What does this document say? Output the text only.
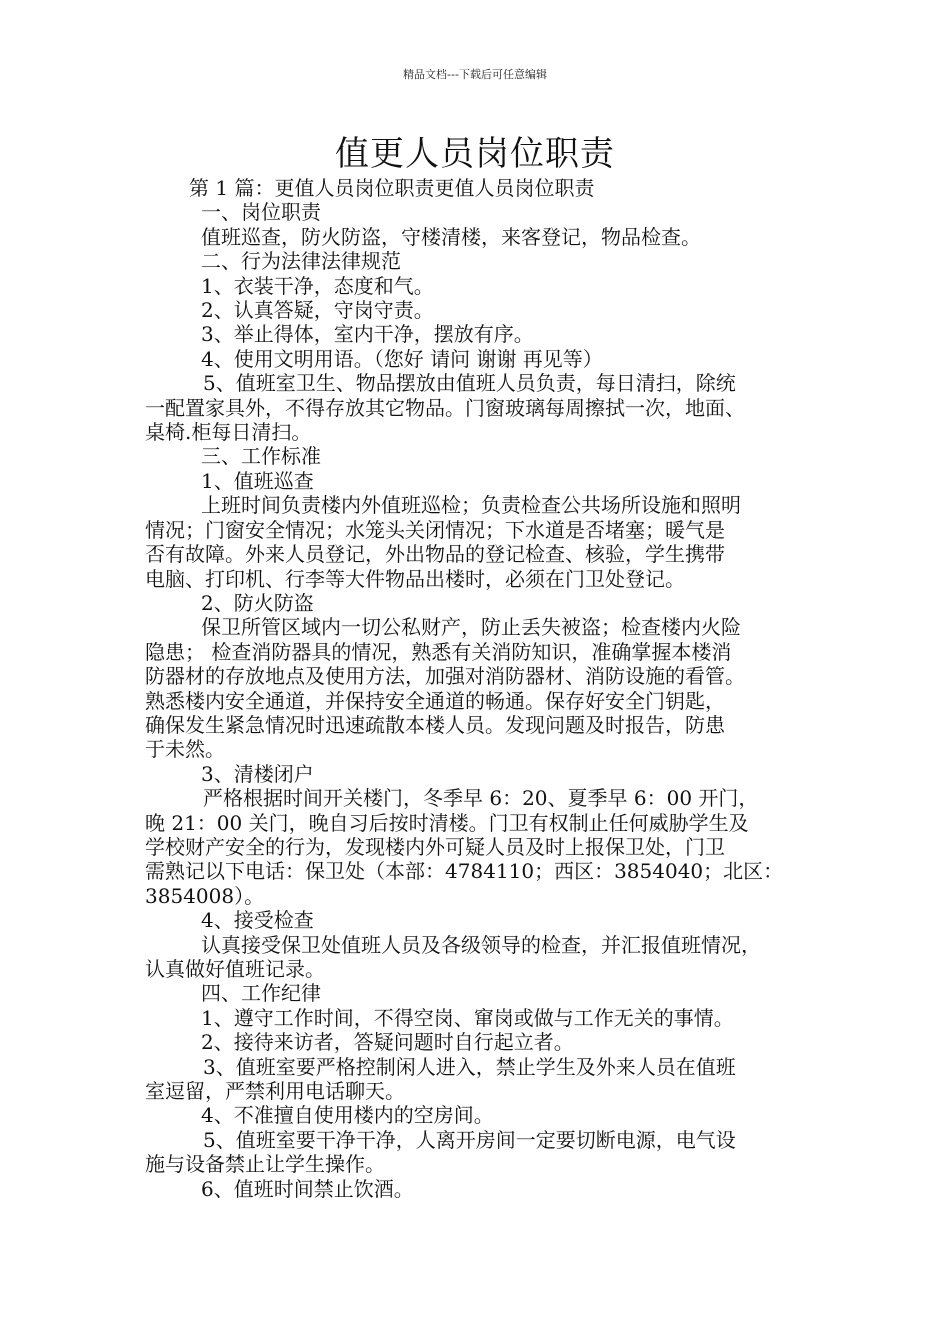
精品文档---下载后可任意编辑
值更人员岗位职责

第 1 篇：更值人员岗位职责更值人员岗位职责

一、岗位职责

值班巡查，防火防盗，守楼清楼，来客登记，物品检查。

二、行为法律法律规范

1、衣装干净，态度和气。

2、认真答疑，守岗守责。

3、举止得体，室内干净，摆放有序。

4、使用文明用语。（您好 请问 谢谢 再见等）

5、值班室卫生、物品摆放由值班人员负责，每日清扫，除统

一配置家具外，不得存放其它物品。门窗玻璃每周擦拭一次，地面、

桌椅.柜每日清扫。

三、工作标准

1、值班巡查

上班时间负责楼内外值班巡检；负责检查公共场所设施和照明

情况；门窗安全情况；水笼头关闭情况；下水道是否堵塞；暖气是

否有故障。外来人员登记，外出物品的登记检查、核验，学生携带

电脑、打印机、行李等大件物品出楼时，必须在门卫处登记。

2、防火防盗

保卫所管区域内一切公私财产，防止丢失被盗；检查楼内火险

隐患； 检查消防器具的情况，熟悉有关消防知识，准确掌握本楼消

防器材的存放地点及使用方法，加强对消防器材、消防设施的看管。

熟悉楼内安全通道，并保持安全通道的畅通。保存好安全门钥匙，

确保发生紧急情况时迅速疏散本楼人员。发现问题及时报告，防患

于未然。

3、清楼闭户

严格根据时间开关楼门，冬季早 6：20、夏季早 6：00 开门，

晚 21：00 关门，晚自习后按时清楼。门卫有权制止任何威胁学生及

学校财产安全的行为，发现楼内外可疑人员及时上报保卫处，门卫

需熟记以下电话：保卫处（本部：4784110；西区：3854040；北区：

3854008）。

4、接受检查

认真接受保卫处值班人员及各级领导的检查，并汇报值班情况，

认真做好值班记录。

四、工作纪律

1、遵守工作时间，不得空岗、窜岗或做与工作无关的事情。

2、接待来访者，答疑问题时自行起立者。

3、值班室要严格控制闲人进入，禁止学生及外来人员在值班

室逗留，严禁利用电话聊天。

4、不准擅自使用楼内的空房间。

5、值班室要干净干净，人离开房间一定要切断电源，电气设

施与设备禁止让学生操作。

6、值班时间禁止饮酒。
